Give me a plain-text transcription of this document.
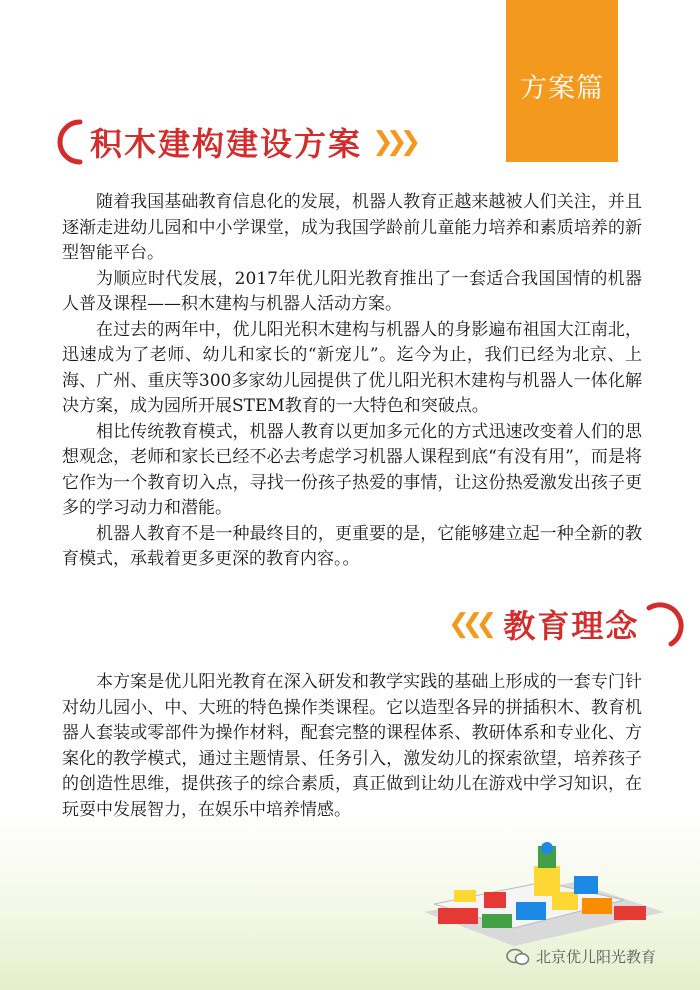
方案篇
积木建构建设方案 ❯❯❯

随着我国基础教育信息化的发展，机器人教育正越来越被人们关注，并且逐渐走进幼儿园和中小学课堂，成为我国学龄前儿童能力培养和素质培养的新型智能平台。

为顺应时代发展，2017年优儿阳光教育推出了一套适合我国国情的机器人普及课程——积木建构与机器人活动方案。

在过去的两年中，优儿阳光积木建构与机器人的身影遍布祖国大江南北，迅速成为了老师、幼儿和家长的“新宠儿”。迄今为止，我们已经为北京、上海、广州、重庆等300多家幼儿园提供了优儿阳光积木建构与机器人一体化解决方案，成为园所开展STEM教育的一大特色和突破点。

相比传统教育模式，机器人教育以更加多元化的方式迅速改变着人们的思想观念，老师和家长已经不必去考虑学习机器人课程到底“有没有用”，而是将它作为一个教育切入点，寻找一份孩子热爱的事情，让这份热爱激发出孩子更多的学习动力和潜能。

机器人教育不是一种最终目的，更重要的是，它能够建立起一种全新的教育模式，承载着更多更深的教育内容。。

❮❮❮ 教育理念

本方案是优儿阳光教育在深入研发和教学实践的基础上形成的一套专门针对幼儿园小、中、大班的特色操作类课程。它以造型各异的拼插积木、教育机器人套装或零部件为操作材料，配套完整的课程体系、教研体系和专业化、方案化的教学模式，通过主题情景、任务引入，激发幼儿的探索欲望，培养孩子的创造性思维，提供孩子的综合素质，真正做到让幼儿在游戏中学习知识，在玩耍中发展智力，在娱乐中培养情感。

北京优儿阳光教育
